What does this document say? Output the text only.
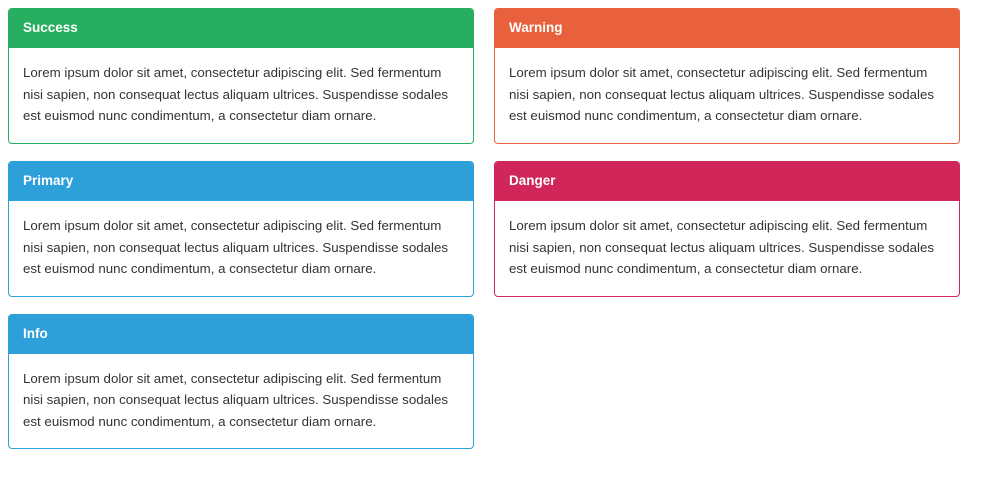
Success
Lorem ipsum dolor sit amet, consectetur adipiscing elit. Sed fermentum nisi sapien, non consequat lectus aliquam ultrices. Suspendisse sodales est euismod nunc condimentum, a consectetur diam ornare.
Primary
Lorem ipsum dolor sit amet, consectetur adipiscing elit. Sed fermentum nisi sapien, non consequat lectus aliquam ultrices. Suspendisse sodales est euismod nunc condimentum, a consectetur diam ornare.
Info
Lorem ipsum dolor sit amet, consectetur adipiscing elit. Sed fermentum nisi sapien, non consequat lectus aliquam ultrices. Suspendisse sodales est euismod nunc condimentum, a consectetur diam ornare.
Warning
Lorem ipsum dolor sit amet, consectetur adipiscing elit. Sed fermentum nisi sapien, non consequat lectus aliquam ultrices. Suspendisse sodales est euismod nunc condimentum, a consectetur diam ornare.
Danger
Lorem ipsum dolor sit amet, consectetur adipiscing elit. Sed fermentum nisi sapien, non consequat lectus aliquam ultrices. Suspendisse sodales est euismod nunc condimentum, a consectetur diam ornare.
